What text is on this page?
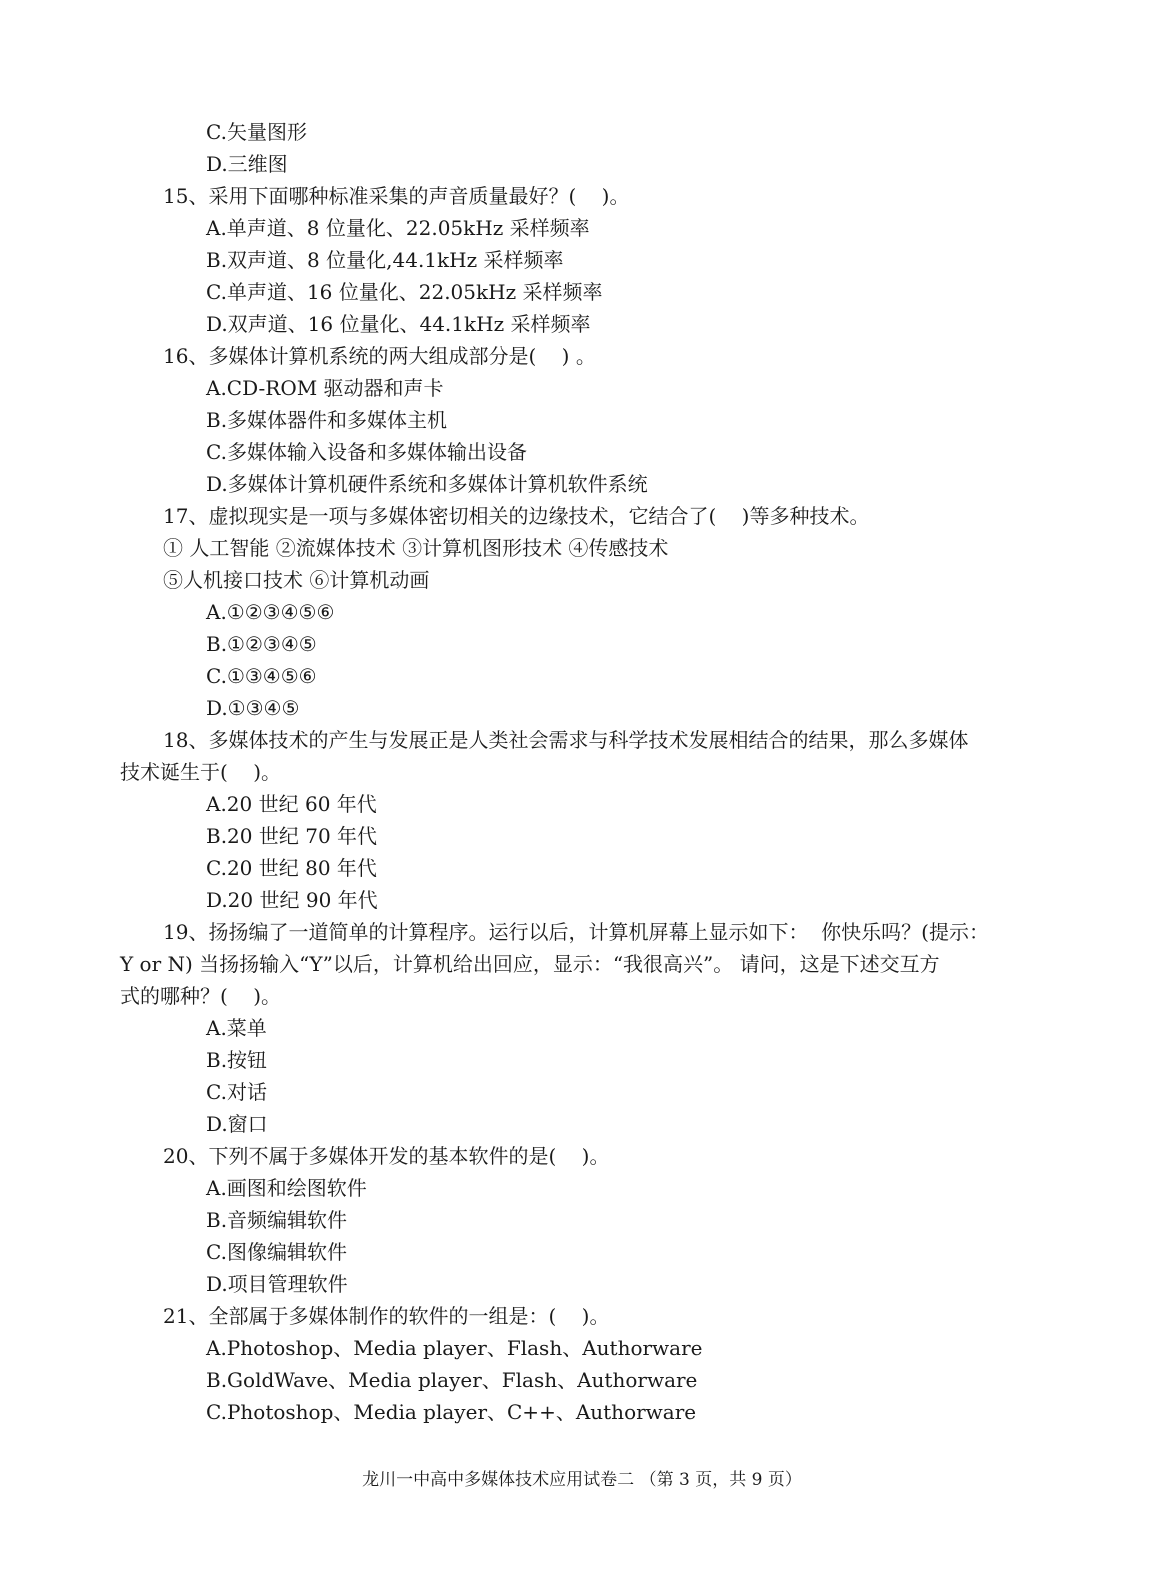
C.矢量图形
D.三维图
15、采用下面哪种标准采集的声音质量最好？(    )。
A.单声道、8 位量化、22.05kHz 采样频率
B.双声道、8 位量化,44.1kHz 采样频率
C.单声道、16 位量化、22.05kHz 采样频率
D.双声道、16 位量化、44.1kHz 采样频率
16、多媒体计算机系统的两大组成部分是(    ) 。
A.CD-ROM 驱动器和声卡
B.多媒体器件和多媒体主机
C.多媒体输入设备和多媒体输出设备
D.多媒体计算机硬件系统和多媒体计算机软件系统
17、虚拟现实是一项与多媒体密切相关的边缘技术，它结合了(    )等多种技术。
① 人工智能 ②流媒体技术 ③计算机图形技术 ④传感技术
⑤人机接口技术 ⑥计算机动画
A.①②③④⑤⑥
B.①②③④⑤
C.①③④⑤⑥
D.①③④⑤
18、多媒体技术的产生与发展正是人类社会需求与科学技术发展相结合的结果，那么多媒体
技术诞生于(    )。
A.20 世纪 60 年代
B.20 世纪 70 年代
C.20 世纪 80 年代
D.20 世纪 90 年代
19、扬扬编了一道简单的计算程序。运行以后，计算机屏幕上显示如下：  你快乐吗？(提示：
Y or N) 当扬扬输入“Y”以后，计算机给出回应，显示：“我很高兴”。 请问，这是下述交互方
式的哪种？(    )。
A.菜单
B.按钮
C.对话
D.窗口
20、下列不属于多媒体开发的基本软件的是(    )。
A.画图和绘图软件
B.音频编辑软件
C.图像编辑软件
D.项目管理软件
21、全部属于多媒体制作的软件的一组是：(    )。
A.Photoshop、Media player、Flash、Authorware
B.GoldWave、Media player、Flash、Authorware
C.Photoshop、Media player、C++、Authorware
龙川一中高中多媒体技术应用试卷二 （第 3 页，共 9 页）
